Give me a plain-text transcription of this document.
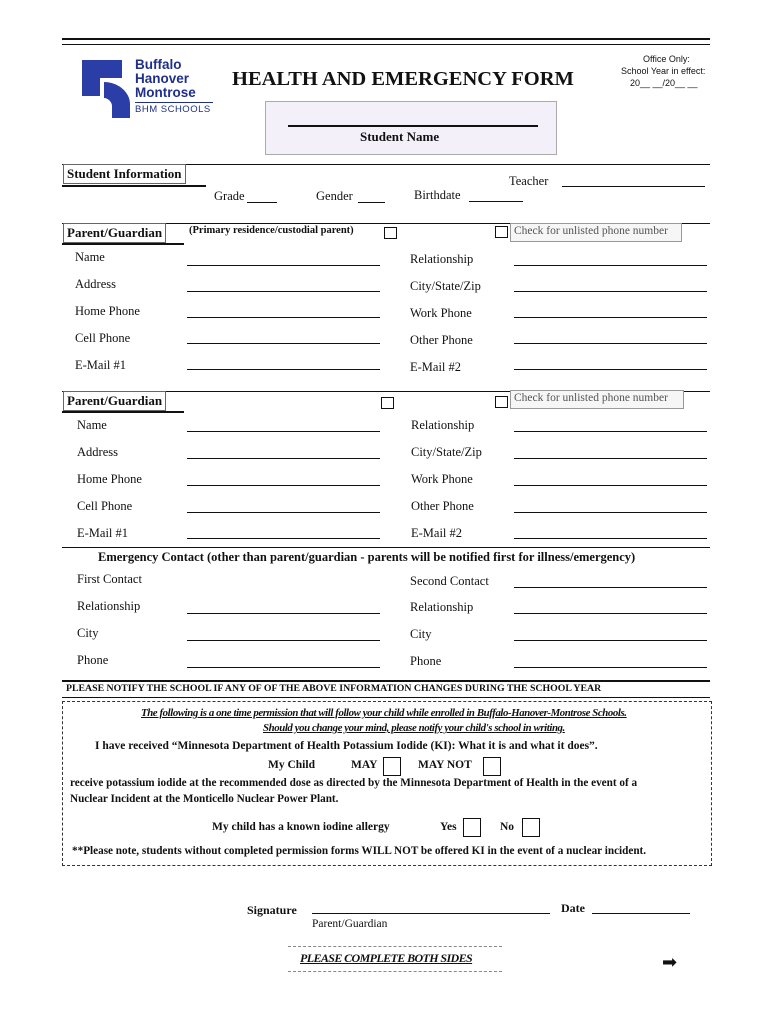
Buffalo
Hanover
Montrose
BHM SCHOOLS
HEALTH AND EMERGENCY FORM
Office Only:
School Year in effect:
20__ __/20__ __
Student Name
Student Information
Grade	Gender	Birthdate
Teacher
Parent/Guardian	(Primary residence/custodial parent)	Check for unlisted phone number
Name
Address
Home Phone
Cell Phone
E-Mail #1
Relationship
City/State/Zip
Work Phone
Other Phone
E-Mail #2
Parent/Guardian	Check for unlisted phone number
Name
Address
Home Phone
Cell Phone
E-Mail #1
Relationship
City/State/Zip
Work Phone
Other Phone
E-Mail #2
Emergency Contact (other than parent/guardian - parents will be notified first for illness/emergency)
First Contact
Relationship
City
Phone
Second Contact
Relationship
City
Phone
PLEASE NOTIFY THE SCHOOL IF ANY OF OF THE ABOVE INFORMATION CHANGES DURING THE SCHOOL YEAR
The following is a one time permission that will follow your child while enrolled in Buffalo-Hanover-Montrose Schools.
Should you change your mind, please notify your child's school in writing.
I have received “Minnesota Department of Health Potassium Iodide (KI): What it is and what it does”.
My Child	MAY	MAY NOT
receive potassium iodide at the recommended dose as directed by the Minnesota Department of Health in the event of a
Nuclear Incident at the Monticello Nuclear Power Plant.
My child has a known iodine allergy	Yes	No
**Please note, students without completed permission forms WILL NOT be offered KI in the event of a nuclear incident.
Signature
Parent/Guardian
Date
PLEASE COMPLETE BOTH SIDES	➡
